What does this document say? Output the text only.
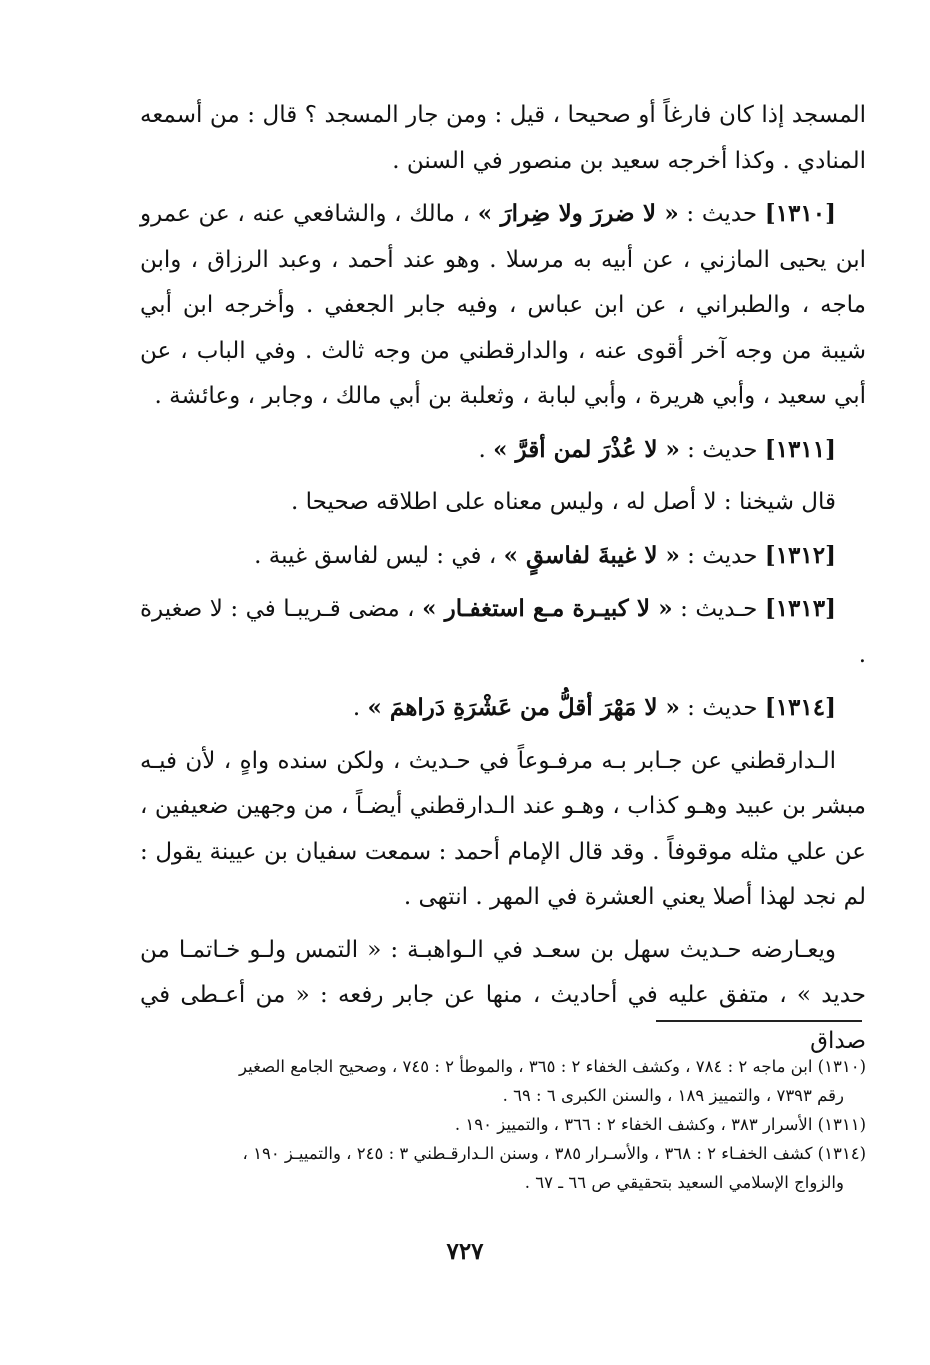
المسجد إذا كان فارغاً أو صحيحا ، قيل : ومن جار المسجد ؟ قال : من أسمعه المنادي . وكذا أخرجه سعيد بن منصور في السنن .

[١٣١٠] حديث : « لا ضررَ ولا ضِرارَ » ، مالك ، والشافعي عنه ، عن عمرو ابن يحيى المازني ، عن أبيه به مرسلا . وهو عند أحمد ، وعبد الرزاق ، وابن ماجه ، والطبراني ، عن ابن عباس ، وفيه جابر الجعفي . وأخرجه ابن أبي شيبة من وجه آخر أقوى عنه ، والدارقطني من وجه ثالث . وفي الباب ، عن أبي سعيد ، وأبي هريرة ، وأبي لبابة ، وثعلبة بن أبي مالك ، وجابر ، وعائشة .

[١٣١١] حديث : « لا عُذْرَ لمن أقرَّ » .

قال شيخنا : لا أصل له ، وليس معناه على اطلاقه صحيحا .

[١٣١٢] حديث : « لا غيبةَ لفاسقٍ » ، في : ليس لفاسق غيبة .

[١٣١٣] حـديث : « لا كبيـرة مـع استغفـار » ، مضى قـريبـا في : لا صغيرة .

[١٣١٤] حديث : « لا مَهْرَ أقلُّ من عَشْرَةِ دَراهمَ » .

الـدارقطني عن جـابر بـه مرفـوعاً في حـديث ، ولكن سنده واهٍ ، لأن فيـه مبشر بن عبيد وهـو كذاب ، وهـو عند الـدارقطني أيضـاً ، من وجهين ضعيفين ، عن علي مثله موقوفاً . وقد قال الإمام أحمد : سمعت سفيان بن عيينة يقول : لم نجد لهذا أصلا يعني العشرة في المهر . انتهى .

ويعـارضه حـديث سهل بن سعـد في الـواهبـة : « التمس ولـو خـاتمـا من حديد » ، متفق عليه في أحاديث ، منها عن جابر رفعه : « من أعـطى في صداق

(١٣١٠) ابن ماجه ٢ : ٧٨٤ ، وكشف الخفاء ٢ : ٣٦٥ ، والموطأ ٢ : ٧٤٥ ، وصحيح الجامع الصغير

رقم ٧٣٩٣ ، والتمييز ١٨٩ ، والسنن الكبرى ٦ : ٦٩ .

(١٣١١) الأسرار ٣٨٣ ، وكشف الخفاء ٢ : ٣٦٦ ، والتمييز ١٩٠ .

(١٣١٤) كشف الخفـاء ٢ : ٣٦٨ ، والأسـرار ٣٨٥ ، وسنن الـدارقـطني ٣ : ٢٤٥ ، والتمييـز ١٩٠ ،

والزواج الإسلامي السعيد بتحقيقي ص ٦٦ ـ ٦٧ .

٧٢٧
